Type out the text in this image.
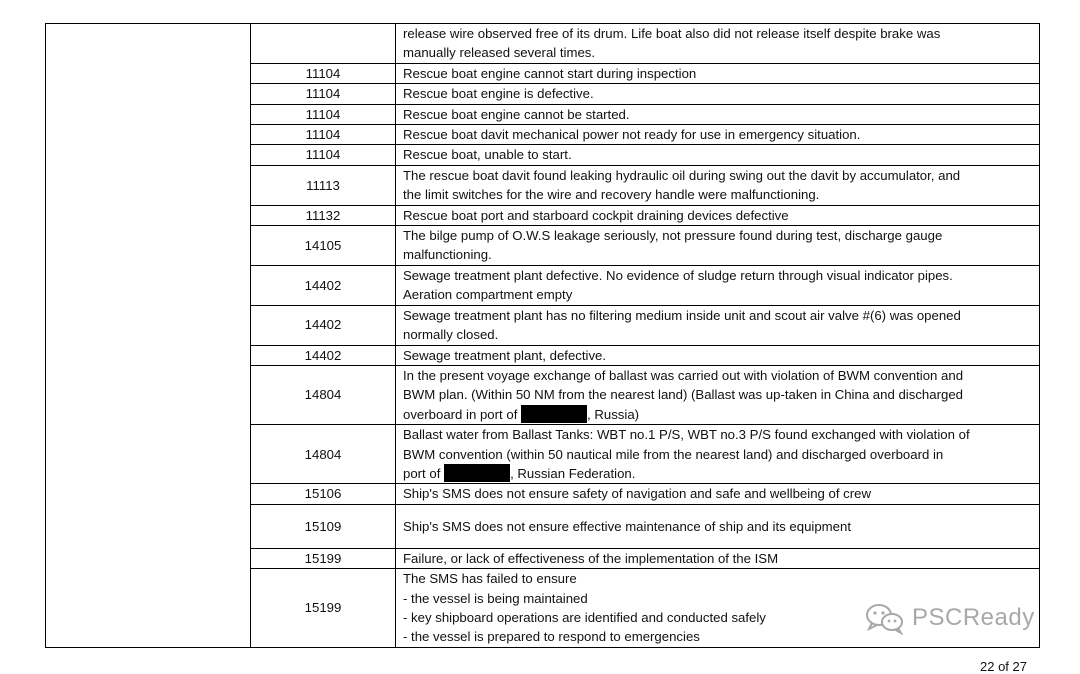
		release wire observed free of its drum. Life boat also did not release itself despite brake was
manually released several times.

	11104	Rescue boat engine cannot start during inspection

	11104	Rescue boat engine is defective.

	11104	Rescue boat engine cannot be started.

	11104	Rescue boat davit mechanical power not ready for use in emergency situation.

	11104	Rescue boat, unable to start.

	11113	The rescue boat davit found leaking hydraulic oil during swing out the davit by accumulator, and
the limit switches for the wire and recovery handle were malfunctioning.

	11132	Rescue boat port and starboard cockpit draining devices defective

	14105	The bilge pump of O.W.S leakage seriously, not pressure found during test, discharge gauge
malfunctioning.

	14402	Sewage treatment plant defective. No evidence of sludge return through visual indicator pipes.
Aeration compartment empty

	14402	Sewage treatment plant has no filtering medium inside unit and scout air valve #(6) was opened
normally closed.

	14402	Sewage treatment plant, defective.

	14804	In the present voyage exchange of ballast was carried out with violation of BWM convention and
BWM plan. (Within 50 NM from the nearest land) (Ballast was up-taken in China and discharged
overboard in port of , Russia)

	14804	Ballast water from Ballast Tanks: WBT no.1 P/S, WBT no.3 P/S found exchanged with violation of
BWM convention (within 50 nautical mile from the nearest land) and discharged overboard in
port of , Russian Federation.

	15106	Ship's SMS does not ensure safety of navigation and safe and wellbeing of crew

	15109	Ship's SMS does not ensure effective maintenance of ship and its equipment

	15199	Failure, or lack of effectiveness of the implementation of the ISM

	15199	The SMS has failed to ensure
- the vessel is being maintained
- key shipboard operations are identified and conducted safely
- the vessel is prepared to respond to emergencies
PSCReady
22 of 27
